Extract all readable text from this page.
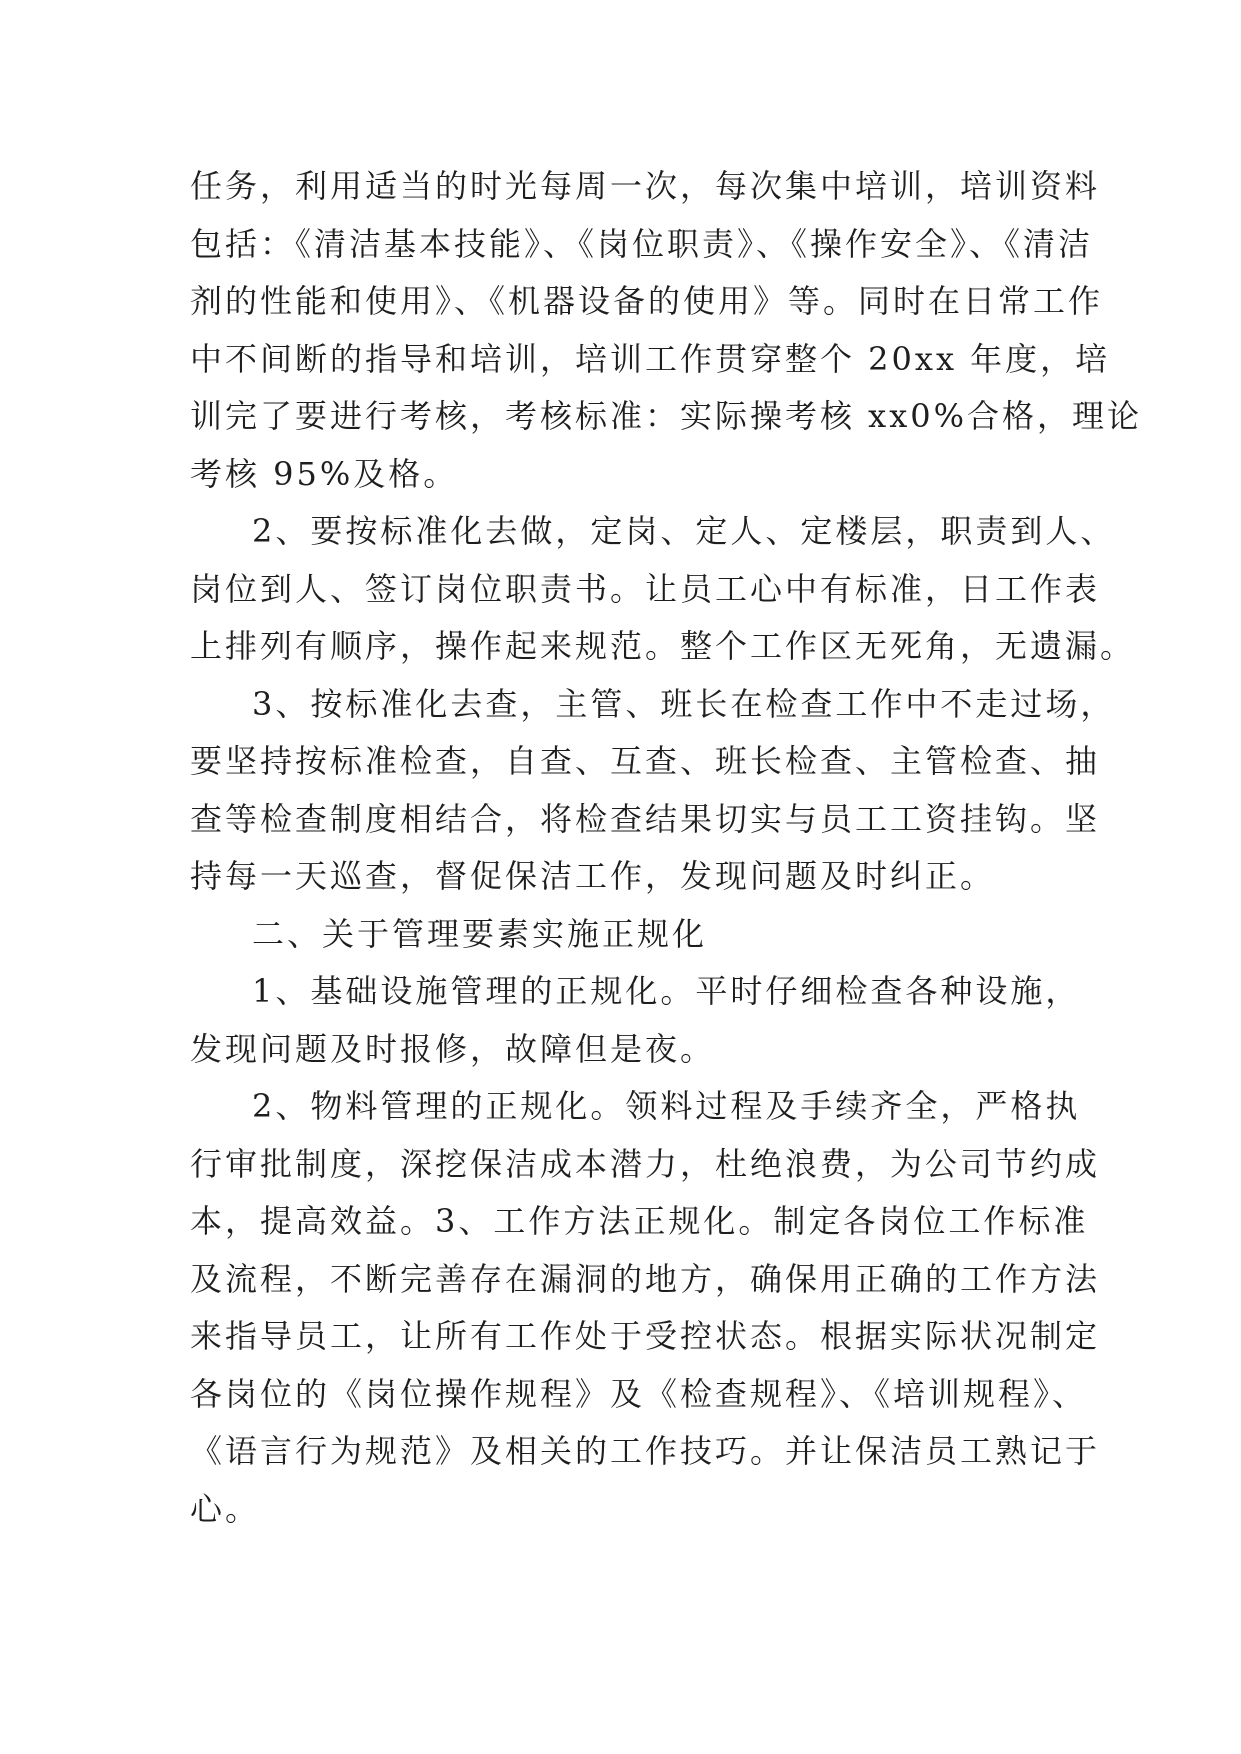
任务，利用适当的时光每周一次，每次集中培训，培训资料
包括：《清洁基本技能》、《岗位职责》、《操作安全》、《清洁
剂的性能和使用》、《机器设备的使用》等。同时在日常工作
中不间断的指导和培训，培训工作贯穿整个 20xx 年度，培
训完了要进行考核，考核标准：实际操考核 xx0%合格，理论
考核 95%及格。
2、要按标准化去做，定岗、定人、定楼层，职责到人、
岗位到人、签订岗位职责书。让员工心中有标准，日工作表
上排列有顺序，操作起来规范。整个工作区无死角，无遗漏。
3、按标准化去查，主管、班长在检查工作中不走过场，
要坚持按标准检查，自查、互查、班长检查、主管检查、抽
查等检查制度相结合，将检查结果切实与员工工资挂钩。坚
持每一天巡查，督促保洁工作，发现问题及时纠正。
二、关于管理要素实施正规化
1、基础设施管理的正规化。平时仔细检查各种设施，
发现问题及时报修，故障但是夜。
2、物料管理的正规化。领料过程及手续齐全，严格执
行审批制度，深挖保洁成本潜力，杜绝浪费，为公司节约成
本，提高效益。3、工作方法正规化。制定各岗位工作标准
及流程，不断完善存在漏洞的地方，确保用正确的工作方法
来指导员工，让所有工作处于受控状态。根据实际状况制定
各岗位的《岗位操作规程》及《检查规程》、《培训规程》、
《语言行为规范》及相关的工作技巧。并让保洁员工熟记于
心。
